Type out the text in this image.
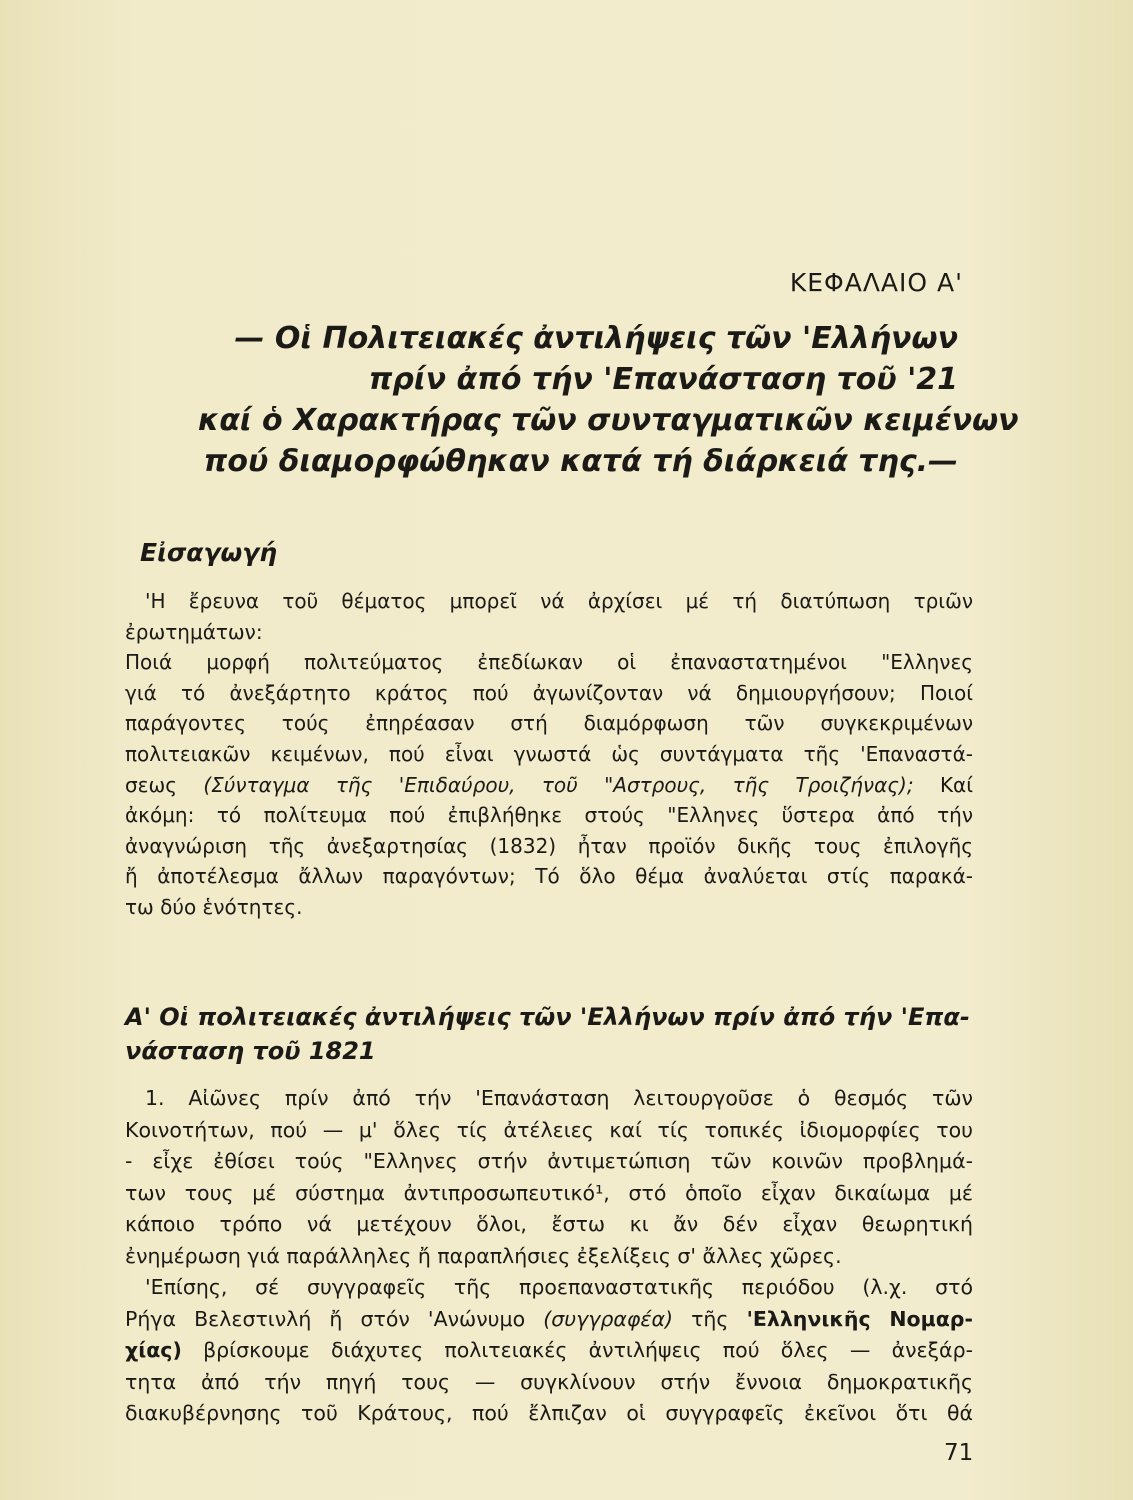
ΚΕΦΑΛΑΙΟ Α'
— Οἱ Πολιτειακές ἀντιλήψεις τῶν 'Ελλήνων
πρίν ἀπό τήν 'Επανάσταση τοῦ '21
καί ὁ Χαρακτήρας τῶν συνταγματικῶν κειμένων
πού διαμορφώθηκαν κατά τή διάρκειά της.—
Εἰσαγωγή
'Η ἔρευνα τοῦ θέματος μπορεῖ νά ἀρχίσει μέ τή διατύπωση τριῶν
ἐρωτημάτων:
Ποιά μορφή πολιτεύματος ἐπεδίωκαν οἱ ἐπαναστατημένοι "Ελληνες
γιά τό ἀνεξάρτητο κράτος πού ἀγωνίζονταν νά δημιουργήσουν; Ποιοί
παράγοντες τούς ἐπηρέασαν στή διαμόρφωση τῶν συγκεκριμένων
πολιτειακῶν κειμένων, πού εἶναι γνωστά ὡς συντάγματα τῆς 'Επαναστά-
σεως (Σύνταγμα τῆς 'Επιδαύρου, τοῦ "Αστρους, τῆς Τροιζήνας); Καί
ἀκόμη: τό πολίτευμα πού ἐπιβλήθηκε στούς "Ελληνες ὕστερα ἀπό τήν
ἀναγνώριση τῆς ἀνεξαρτησίας (1832) ἦταν προϊόν δικῆς τους ἐπιλογῆς
ἤ ἀποτέλεσμα ἄλλων παραγόντων; Τό ὅλο θέμα ἀναλύεται στίς παρακά-
τω δύο ἑνότητες.
Α' Οἱ πολιτειακές ἀντιλήψεις τῶν 'Ελλήνων πρίν ἀπό τήν 'Επα-
νάσταση τοῦ 1821
1. Αἰῶνες πρίν ἀπό τήν 'Επανάσταση λειτουργοῦσε ὁ θεσμός τῶν
Κοινοτήτων, πού — μ' ὅλες τίς ἀτέλειες καί τίς τοπικές ἰδιομορφίες του
- εἶχε ἐθίσει τούς "Ελληνες στήν ἀντιμετώπιση τῶν κοινῶν προβλημά-
των τους μέ σύστημα ἀντιπροσωπευτικό¹, στό ὁποῖο εἶχαν δικαίωμα μέ
κάποιο τρόπο νά μετέχουν ὅλοι, ἔστω κι ἄν δέν εἶχαν θεωρητική
ἐνημέρωση γιά παράλληλες ἤ παραπλήσιες ἐξελίξεις σ' ἄλλες χῶρες.
'Επίσης, σέ συγγραφεῖς τῆς προεπαναστατικῆς περιόδου (λ.χ. στό
Ρήγα Βελεστινλή ἤ στόν 'Ανώνυμο (συγγραφέα) τῆς 'Ελληνικῆς Νομαρ-
χίας) βρίσκουμε διάχυτες πολιτειακές ἀντιλήψεις πού ὅλες — ἀνεξάρ-
τητα ἀπό τήν πηγή τους — συγκλίνουν στήν ἔννοια δημοκρατικῆς
διακυβέρνησης τοῦ Κράτους, πού ἔλπιζαν οἱ συγγραφεῖς ἐκεῖνοι ὅτι θά
71
